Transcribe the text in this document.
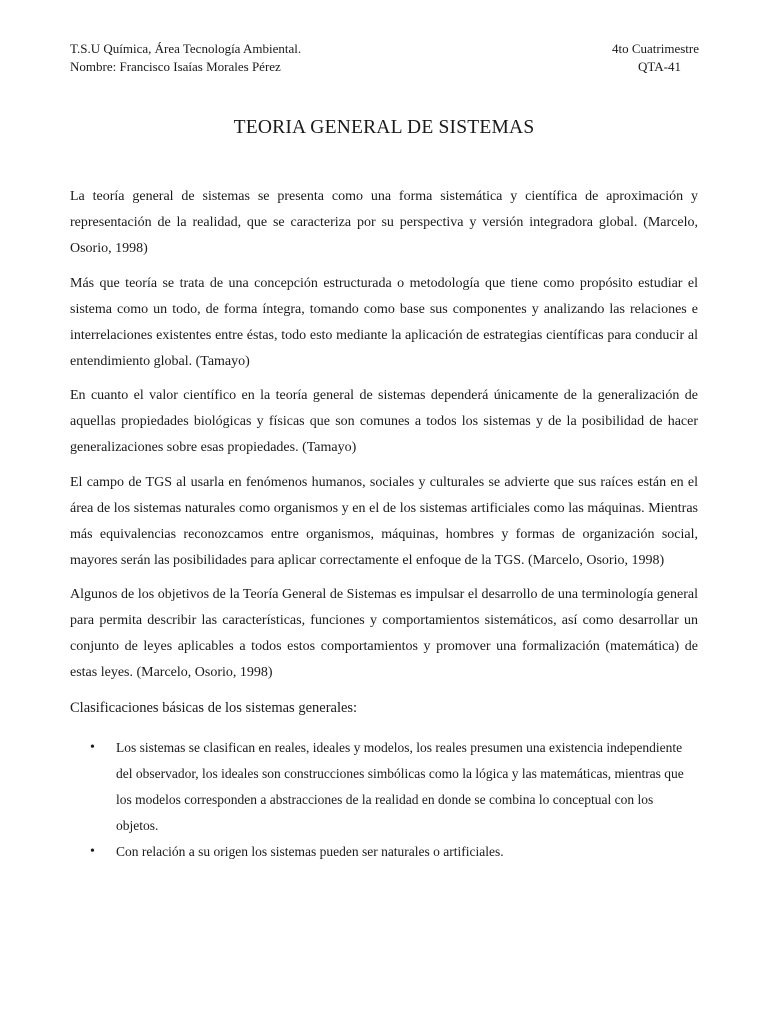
T.S.U Química, Área Tecnología Ambiental.	4to Cuatrimestre
Nombre: Francisco Isaías Morales Pérez	QTA-41
TEORIA GENERAL DE SISTEMAS

La teoría general de sistemas se presenta como una forma sistemática y científica de aproximación y representación de la realidad, que se caracteriza por su perspectiva y versión integradora global. (Marcelo, Osorio, 1998)

Más que teoría se trata de una concepción estructurada o metodología que tiene como propósito estudiar el sistema como un todo, de forma íntegra, tomando como base sus componentes y analizando las relaciones e interrelaciones existentes entre éstas, todo esto mediante la aplicación de estrategias científicas para conducir al entendimiento global. (Tamayo)

En cuanto el valor científico en la teoría general de sistemas dependerá únicamente de la generalización de aquellas propiedades biológicas y físicas que son comunes a todos los sistemas y de la posibilidad de hacer generalizaciones sobre esas propiedades. (Tamayo)

El campo de TGS al usarla en fenómenos humanos, sociales y culturales se advierte que sus raíces están en el área de los sistemas naturales como organismos y en el de los sistemas artificiales como las máquinas. Mientras más equivalencias reconozcamos entre organismos, máquinas, hombres y formas de organización social, mayores serán las posibilidades para aplicar correctamente el enfoque de la TGS. (Marcelo, Osorio, 1998)

Algunos de los objetivos de la Teoría General de Sistemas es impulsar el desarrollo de una terminología general para permita describir las características, funciones y comportamientos sistemáticos, así como desarrollar un conjunto de leyes aplicables a todos estos comportamientos y promover una formalización (matemática) de estas leyes. (Marcelo, Osorio, 1998)

Clasificaciones básicas de los sistemas generales:
• Los sistemas se clasifican en reales, ideales y modelos, los reales presumen una existencia independiente del observador, los ideales son construcciones simbólicas como la lógica y las matemáticas, mientras que los modelos corresponden a abstracciones de la realidad en donde se combina lo conceptual con los objetos.
• Con relación a su origen los sistemas pueden ser naturales o artificiales.
